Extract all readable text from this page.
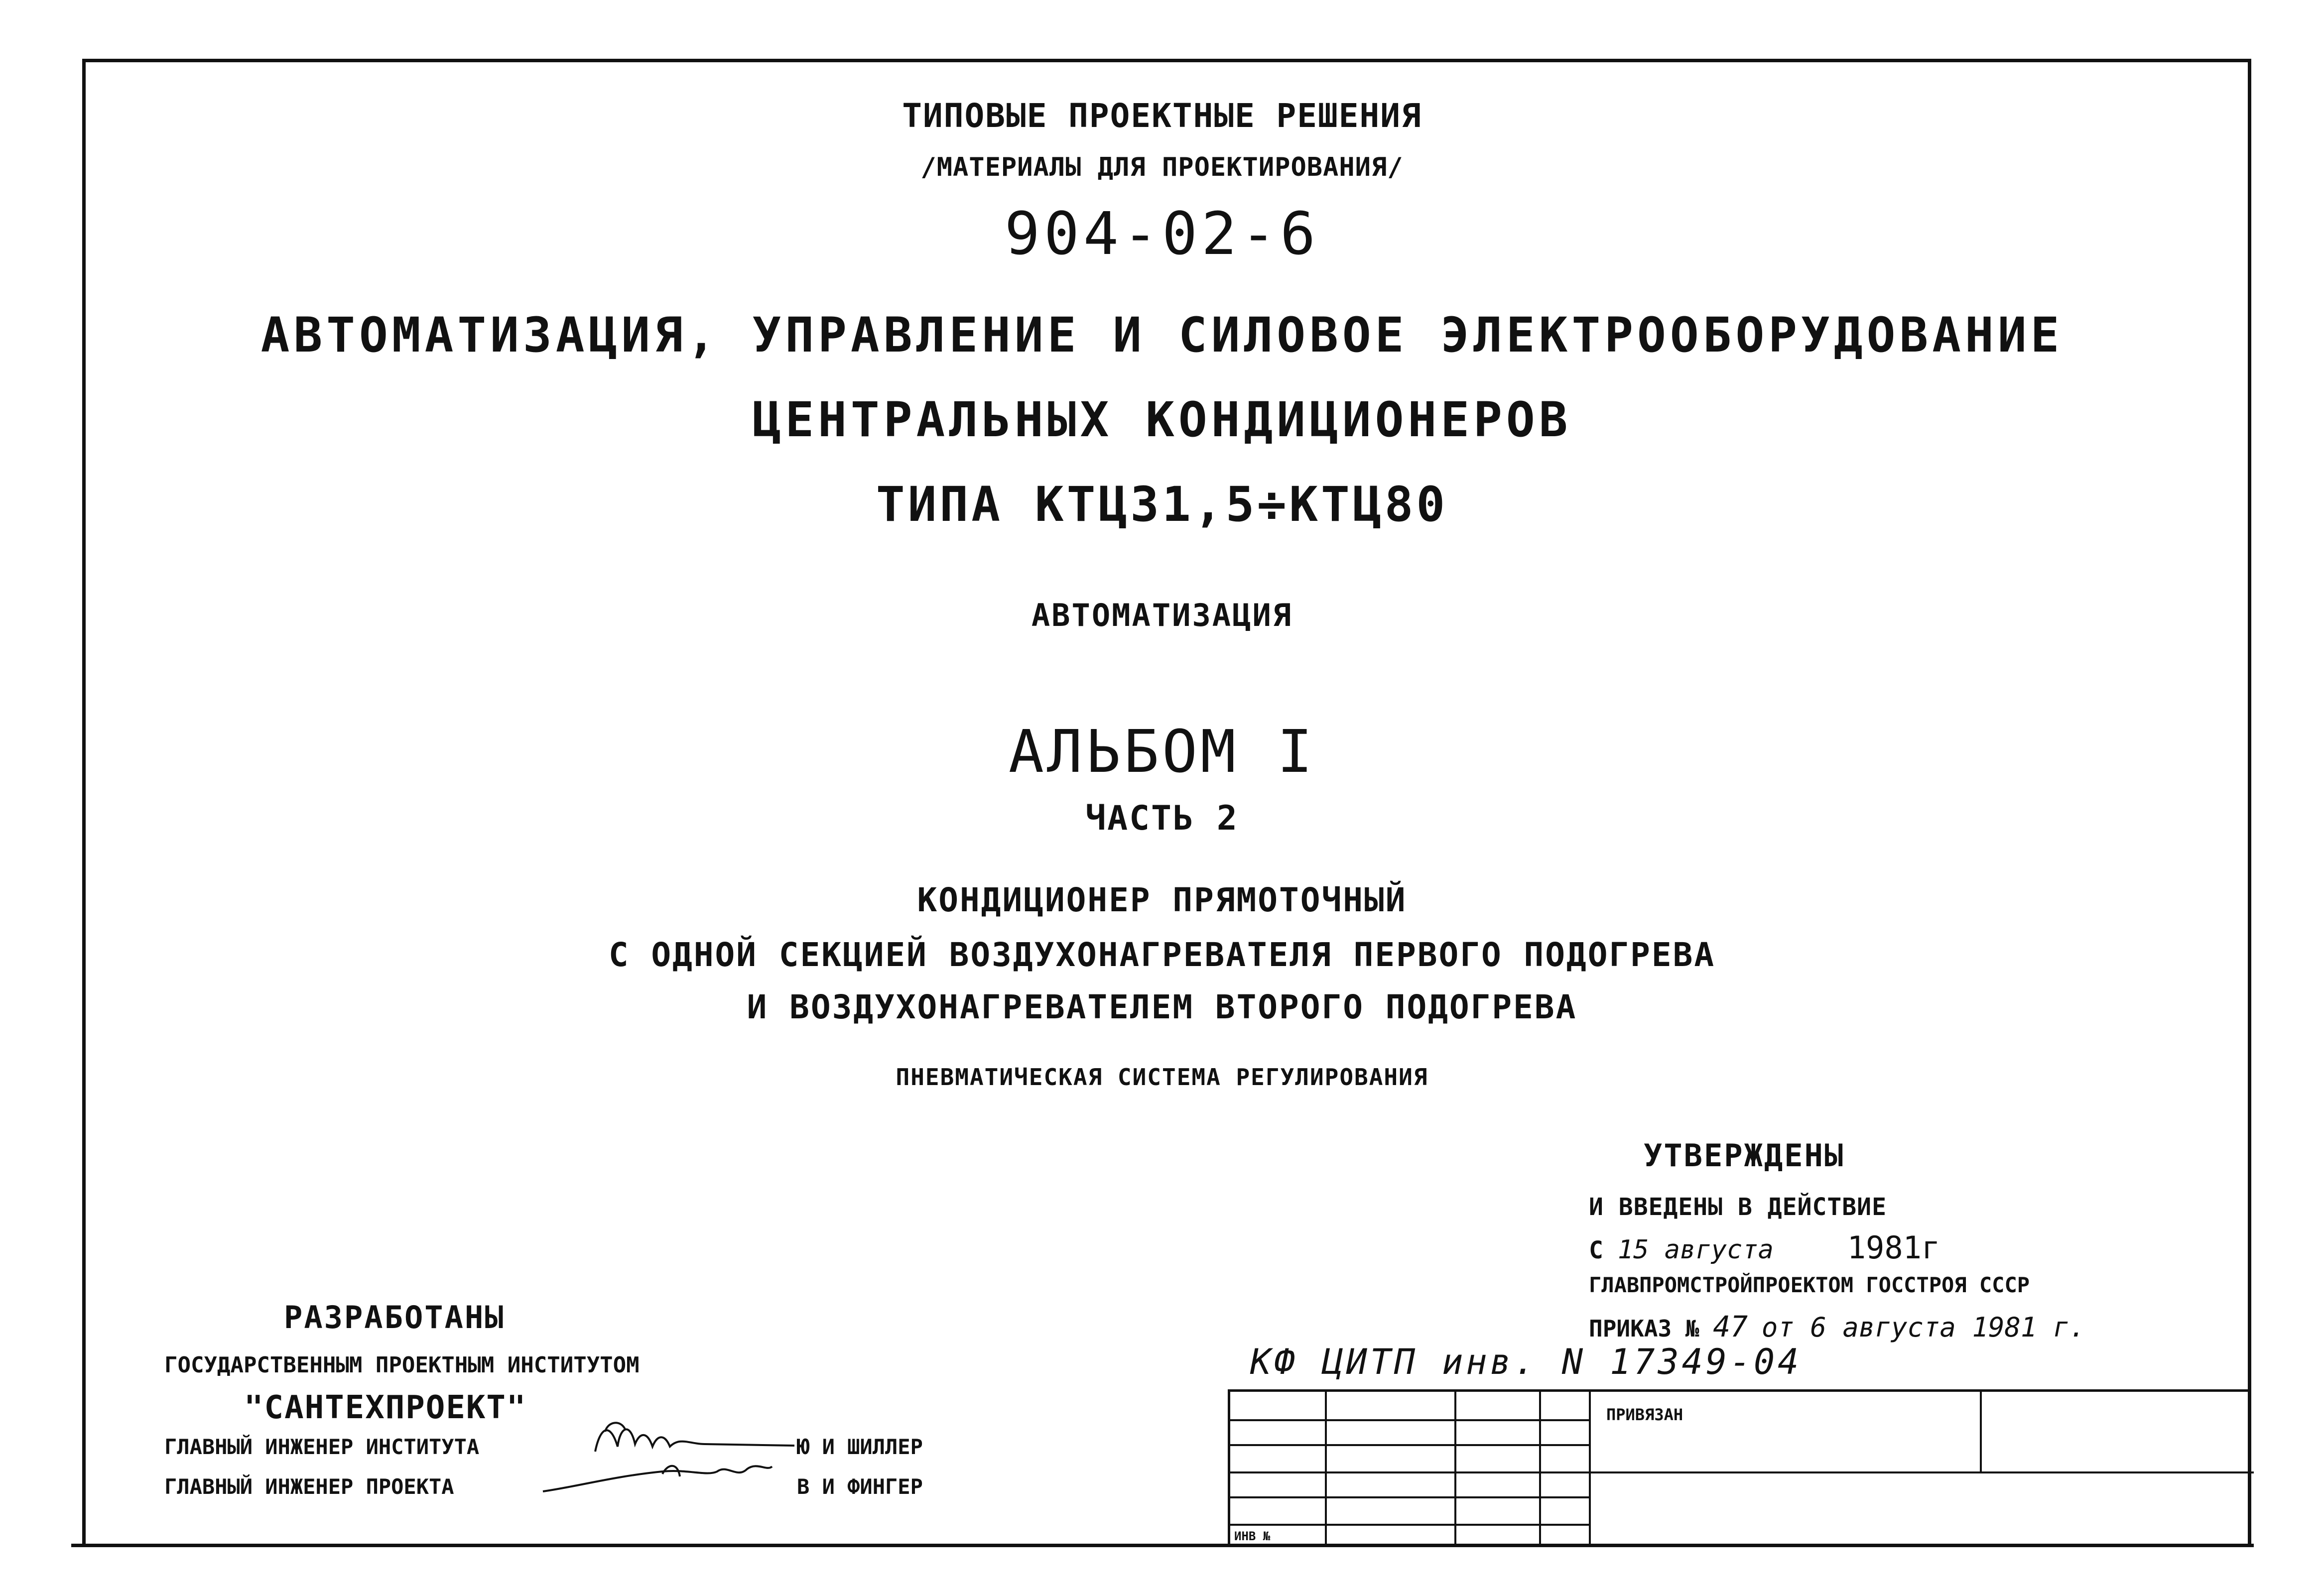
ТИПОВЫЕ ПРОЕКТНЫЕ РЕШЕНИЯ
/МАТЕРИАЛЫ ДЛЯ ПРОЕКТИРОВАНИЯ/
904-02-6
АВТОМАТИЗАЦИЯ, УПРАВЛЕНИЕ И СИЛОВОЕ ЭЛЕКТРООБОРУДОВАНИЕ
ЦЕНТРАЛЬНЫХ КОНДИЦИОНЕРОВ
ТИПА КТЦ31,5÷КТЦ80
АВТОМАТИЗАЦИЯ
АЛЬБОМ I
ЧАСТЬ 2
КОНДИЦИОНЕР ПРЯМОТОЧНЫЙ
С ОДНОЙ СЕКЦИЕЙ ВОЗДУХОНАГРЕВАТЕЛЯ ПЕРВОГО ПОДОГРЕВА
И ВОЗДУХОНАГРЕВАТЕЛЕМ ВТОРОГО ПОДОГРЕВА
ПНЕВМАТИЧЕСКАЯ СИСТЕМА РЕГУЛИРОВАНИЯ
УТВЕРЖДЕНЫ
И ВВЕДЕНЫ В ДЕЙСТВИЕ
С 15 августа 1981г
ГЛАВПРОМСТРОЙПРОЕКТОМ ГОССТРОЯ СССР
ПРИКАЗ № 47 от 6 августа 1981 г.
РАЗРАБОТАНЫ
ГОСУДАРСТВЕННЫМ ПРОЕКТНЫМ ИНСТИТУТОМ
"САНТЕХПРОЕКТ"
ГЛАВНЫЙ ИНЖЕНЕР ИНСТИТУТА	Ю И ШИЛЛЕР
ГЛАВНЫЙ ИНЖЕНЕР ПРОЕКТА	В И ФИНГЕР
КФ ЦИТП инв. N 17349-04
ПРИВЯЗАН
ИНВ №
